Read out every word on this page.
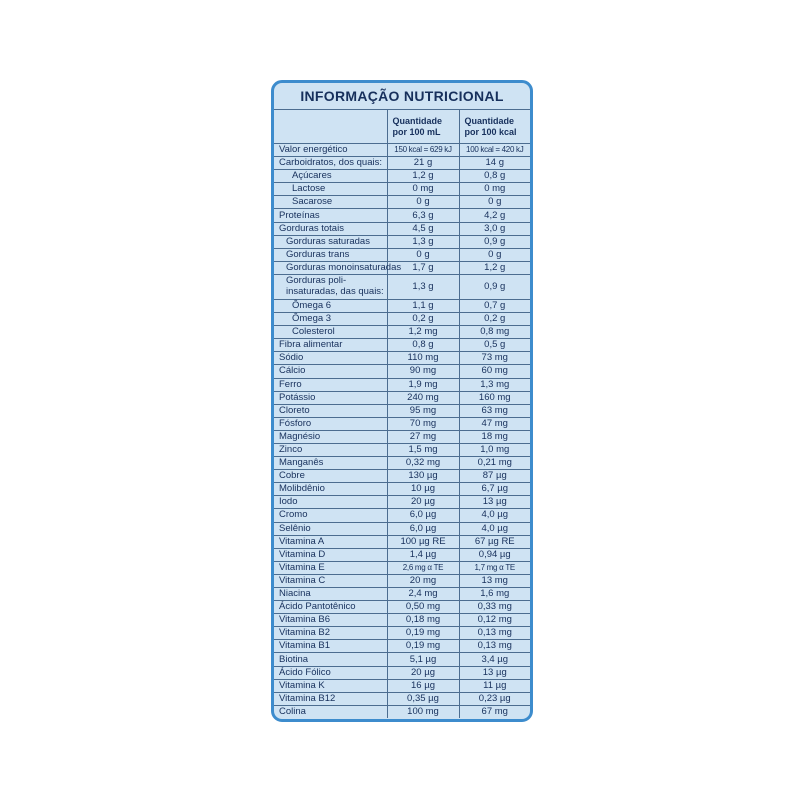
INFORMAÇÃO NUTRICIONAL
	Quantidade por 100 mL	Quantidade por 100 kcal
Valor energético	150 kcal = 629 kJ	100 kcal = 420 kJ
Carboidratos, dos quais:	21 g	14 g
Açúcares	1,2 g	0,8 g
Lactose	0 mg	0 mg
Sacarose	0 g	0 g
Proteínas	6,3 g	4,2 g
Gorduras totais	4,5 g	3,0 g
Gorduras saturadas	1,3 g	0,9 g
Gorduras trans	0 g	0 g
Gorduras monoinsaturadas	1,7 g	1,2 g
Gorduras poli-insaturadas, das quais:	1,3 g	0,9 g
Ômega 6	1,1 g	0,7 g
Ômega 3	0,2 g	0,2 g
Colesterol	1,2 mg	0,8 mg
Fibra alimentar	0,8 g	0,5 g
Sódio	110 mg	73 mg
Cálcio	90 mg	60 mg
Ferro	1,9 mg	1,3 mg
Potássio	240 mg	160 mg
Cloreto	95 mg	63 mg
Fósforo	70 mg	47 mg
Magnésio	27 mg	18 mg
Zinco	1,5 mg	1,0 mg
Manganês	0,32 mg	0,21 mg
Cobre	130 µg	87 µg
Molibdênio	10 µg	6,7 µg
Iodo	20 µg	13 µg
Cromo	6,0 µg	4,0 µg
Selênio	6,0 µg	4,0 µg
Vitamina A	100 µg RE	67 µg RE
Vitamina D	1,4 µg	0,94 µg
Vitamina E	2,6 mg α TE	1,7 mg α TE
Vitamina C	20 mg	13 mg
Niacina	2,4 mg	1,6 mg
Ácido Pantotênico	0,50 mg	0,33 mg
Vitamina B6	0,18 mg	0,12 mg
Vitamina B2	0,19 mg	0,13 mg
Vitamina B1	0,19 mg	0,13 mg
Biotina	5,1 µg	3,4 µg
Ácido Fólico	20 µg	13 µg
Vitamina K	16 µg	11 µg
Vitamina B12	0,35 µg	0,23 µg
Colina	100 mg	67 mg
